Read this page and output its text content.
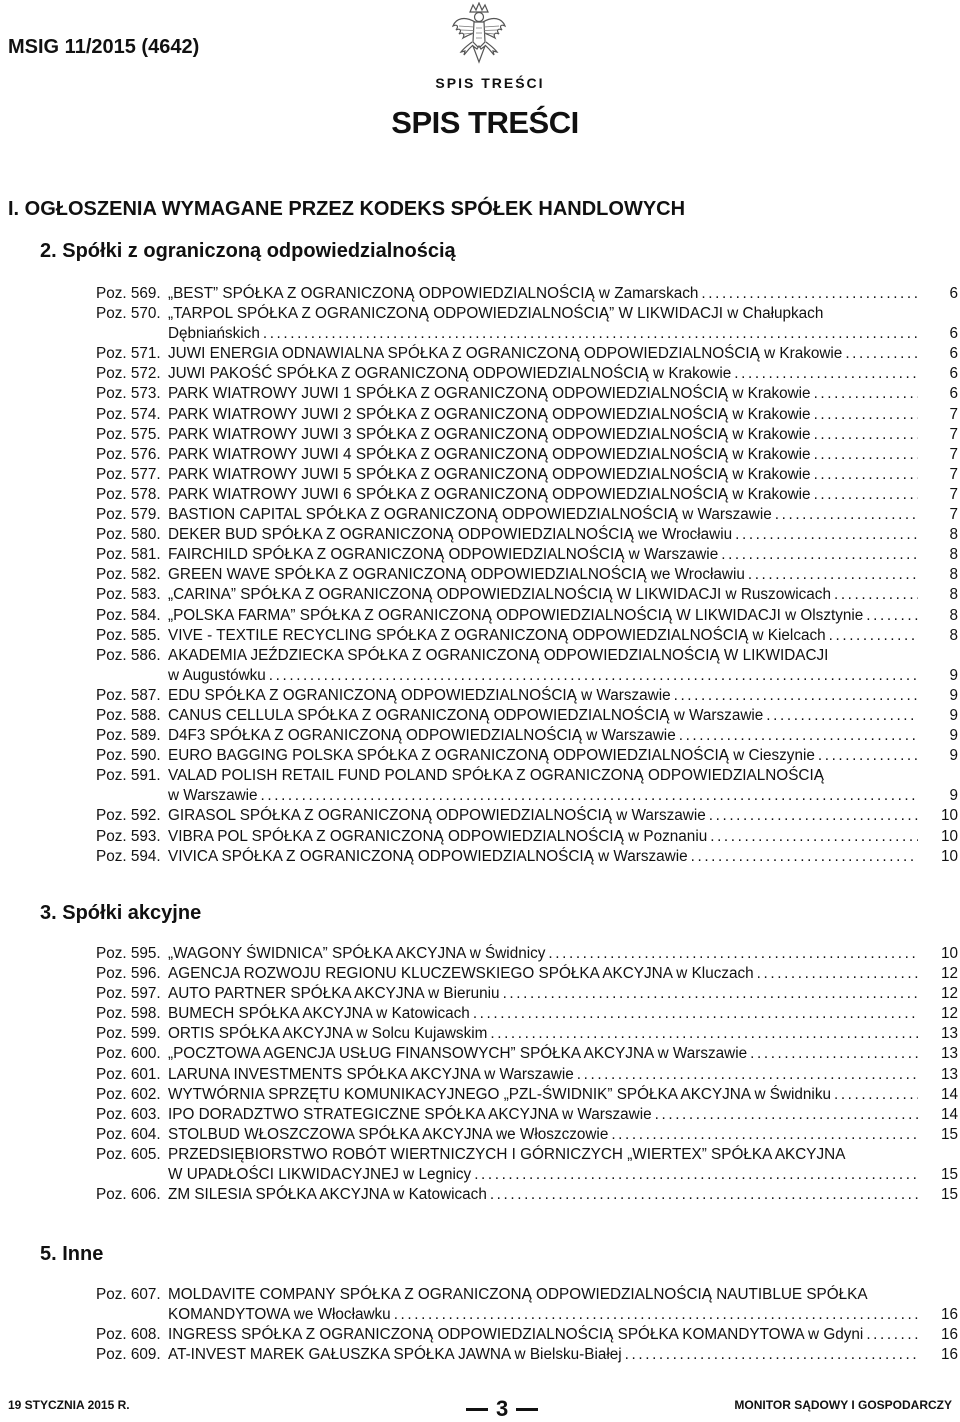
MSIG 11/2015 (4642)
SPIS TREŚCI
SPIS TREŚCI
I. OGŁOSZENIA WYMAGANE PRZEZ KODEKS SPÓŁEK HANDLOWYCH
2. Spółki z ograniczoną odpowiedzialnością
Poz. 569. „BEST” SPÓŁKA Z OGRANICZONĄ ODPOWIEDZIALNOŚCIĄ w Zamarskach .....	6
Poz. 570. „TARPOL SPÓŁKA Z OGRANICZONĄ ODPOWIEDZIALNOŚCIĄ” W LIKWIDACJI w Chałupkach
Dębniańskich .....	6
Poz. 571. JUWI ENERGIA ODNAWIALNA SPÓŁKA Z OGRANICZONĄ ODPOWIEDZIALNOŚCIĄ w Krakowie .....	6
Poz. 572. JUWI PAKOŚĆ SPÓŁKA Z OGRANICZONĄ ODPOWIEDZIALNOŚCIĄ w Krakowie .....	6
Poz. 573. PARK WIATROWY JUWI 1 SPÓŁKA Z OGRANICZONĄ ODPOWIEDZIALNOŚCIĄ w Krakowie .....	6
Poz. 574. PARK WIATROWY JUWI 2 SPÓŁKA Z OGRANICZONĄ ODPOWIEDZIALNOŚCIĄ w Krakowie .....	7
Poz. 575. PARK WIATROWY JUWI 3 SPÓŁKA Z OGRANICZONĄ ODPOWIEDZIALNOŚCIĄ w Krakowie .....	7
Poz. 576. PARK WIATROWY JUWI 4 SPÓŁKA Z OGRANICZONĄ ODPOWIEDZIALNOŚCIĄ w Krakowie .....	7
Poz. 577. PARK WIATROWY JUWI 5 SPÓŁKA Z OGRANICZONĄ ODPOWIEDZIALNOŚCIĄ w Krakowie .....	7
Poz. 578. PARK WIATROWY JUWI 6 SPÓŁKA Z OGRANICZONĄ ODPOWIEDZIALNOŚCIĄ w Krakowie .....	7
Poz. 579. BASTION CAPITAL SPÓŁKA Z OGRANICZONĄ ODPOWIEDZIALNOŚCIĄ w Warszawie .....	7
Poz. 580. DEKER BUD SPÓŁKA Z OGRANICZONĄ ODPOWIEDZIALNOŚCIĄ we Wrocławiu .....	8
Poz. 581. FAIRCHILD SPÓŁKA Z OGRANICZONĄ ODPOWIEDZIALNOŚCIĄ w Warszawie .....	8
Poz. 582. GREEN WAVE SPÓŁKA Z OGRANICZONĄ ODPOWIEDZIALNOŚCIĄ we Wrocławiu .....	8
Poz. 583. „CARINA” SPÓŁKA Z OGRANICZONĄ ODPOWIEDZIALNOŚCIĄ W LIKWIDACJI w Ruszowicach .....	8
Poz. 584. „POLSKA FARMA” SPÓŁKA Z OGRANICZONĄ ODPOWIEDZIALNOŚCIĄ W LIKWIDACJI w Olsztynie .....	8
Poz. 585. VIVE - TEXTILE RECYCLING SPÓŁKA Z OGRANICZONĄ ODPOWIEDZIALNOŚCIĄ w Kielcach .....	8
Poz. 586. AKADEMIA JEŹDZIECKA SPÓŁKA Z OGRANICZONĄ ODPOWIEDZIALNOŚCIĄ W LIKWIDACJI
w Augustówku .....	9
Poz. 587. EDU SPÓŁKA Z OGRANICZONĄ ODPOWIEDZIALNOŚCIĄ w Warszawie .....	9
Poz. 588. CANUS CELLULA SPÓŁKA Z OGRANICZONĄ ODPOWIEDZIALNOŚCIĄ w Warszawie .....	9
Poz. 589. D4F3 SPÓŁKA Z OGRANICZONĄ ODPOWIEDZIALNOŚCIĄ w Warszawie .....	9
Poz. 590. EURO BAGGING POLSKA SPÓŁKA Z OGRANICZONĄ ODPOWIEDZIALNOŚCIĄ w Cieszynie .....	9
Poz. 591. VALAD POLISH RETAIL FUND POLAND SPÓŁKA Z OGRANICZONĄ ODPOWIEDZIALNOŚCIĄ
w Warszawie .....	9
Poz. 592. GIRASOL SPÓŁKA Z OGRANICZONĄ ODPOWIEDZIALNOŚCIĄ w Warszawie .....	10
Poz. 593. VIBRA POL SPÓŁKA Z OGRANICZONĄ ODPOWIEDZIALNOŚCIĄ w Poznaniu .....	10
Poz. 594. VIVICA SPÓŁKA Z OGRANICZONĄ ODPOWIEDZIALNOŚCIĄ w Warszawie .....	10
3. Spółki akcyjne
Poz. 595. „WAGONY ŚWIDNICA” SPÓŁKA AKCYJNA w Świdnicy .....	10
Poz. 596. AGENCJA ROZWOJU REGIONU KLUCZEWSKIEGO SPÓŁKA AKCYJNA w Kluczach .....	12
Poz. 597. AUTO PARTNER SPÓŁKA AKCYJNA w Bieruniu .....	12
Poz. 598. BUMECH SPÓŁKA AKCYJNA w Katowicach .....	12
Poz. 599. ORTIS SPÓŁKA AKCYJNA w Solcu Kujawskim .....	13
Poz. 600. „POCZTOWA AGENCJA USŁUG FINANSOWYCH” SPÓŁKA AKCYJNA w Warszawie .....	13
Poz. 601. LARUNA INVESTMENTS SPÓŁKA AKCYJNA w Warszawie .....	13
Poz. 602. WYTWÓRNIA SPRZĘTU KOMUNIKACYJNEGO „PZL-ŚWIDNIK” SPÓŁKA AKCYJNA w Świdniku .....	14
Poz. 603. IPO DORADZTWO STRATEGICZNE SPÓŁKA AKCYJNA w Warszawie .....	14
Poz. 604. STOLBUD WŁOSZCZOWA SPÓŁKA AKCYJNA we Włoszczowie .....	15
Poz. 605. PRZEDSIĘBIORSTWO ROBÓT WIERTNICZYCH I GÓRNICZYCH „WIERTEX” SPÓŁKA AKCYJNA
W UPADŁOŚCI LIKWIDACYJNEJ w Legnicy .....	15
Poz. 606. ZM SILESIA SPÓŁKA AKCYJNA w Katowicach .....	15
5. Inne
Poz. 607. MOLDAVITE COMPANY SPÓŁKA Z OGRANICZONĄ ODPOWIEDZIALNOŚCIĄ NAUTIBLUE SPÓŁKA
KOMANDYTOWA we Włocławku .....	16
Poz. 608. INGRESS SPÓŁKA Z OGRANICZONĄ ODPOWIEDZIALNOŚCIĄ SPÓŁKA KOMANDYTOWA w Gdyni .....	16
Poz. 609. AT-INVEST MAREK GAŁUSZKA SPÓŁKA JAWNA w Bielsku-Białej .....	16
19 STYCZNIA 2015 R.	3	MONITOR SĄDOWY I GOSPODARCZY
